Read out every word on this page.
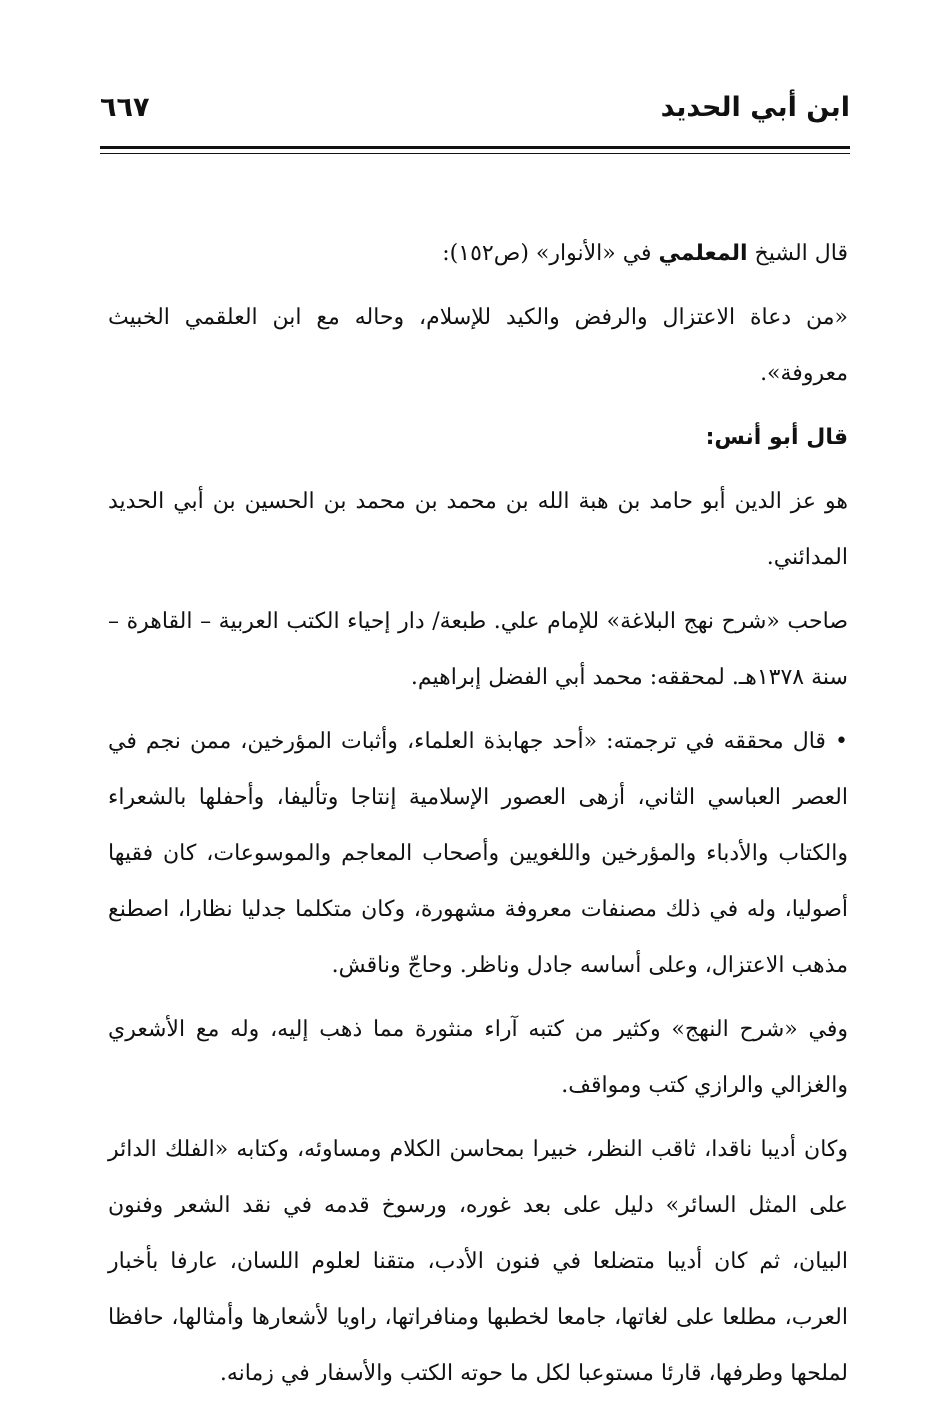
ابن أبي الحديد
٦٦٧

قال الشيخ المعلمي في «الأنوار» (ص١٥٢):

«من دعاة الاعتزال والرفض والكيد للإسلام، وحاله مع ابن العلقمي الخبيث معروفة».

قال أبو أنس:

هو عز الدين أبو حامد بن هبة الله بن محمد بن محمد بن الحسين بن أبي الحديد المدائني.

صاحب «شرح نهج البلاغة» للإمام علي. طبعة/ دار إحياء الكتب العربية – القاهرة – سنة ١٣٧٨هـ. لمحققه: محمد أبي الفضل إبراهيم.

• قال محققه في ترجمته: «أحد جهابذة العلماء، وأثبات المؤرخين، ممن نجم في العصر العباسي الثاني، أزهى العصور الإسلامية إنتاجا وتأليفا، وأحفلها بالشعراء والكتاب والأدباء والمؤرخين واللغويين وأصحاب المعاجم والموسوعات، كان فقيها أصوليا، وله في ذلك مصنفات معروفة مشهورة، وكان متكلما جدليا نظارا، اصطنع مذهب الاعتزال، وعلى أساسه جادل وناظر. وحاجّ وناقش.

وفي «شرح النهج» وكثير من كتبه آراء منثورة مما ذهب إليه، وله مع الأشعري والغزالي والرازي كتب ومواقف.

وكان أديبا ناقدا، ثاقب النظر، خبيرا بمحاسن الكلام ومساوئه، وكتابه «الفلك الدائر على المثل السائر» دليل على بعد غوره، ورسوخ قدمه في نقد الشعر وفنون البيان، ثم كان أديبا متضلعا في فنون الأدب، متقنا لعلوم اللسان، عارفا بأخبار العرب، مطلعا على لغاتها، جامعا لخطبها ومنافراتها، راويا لأشعارها وأمثالها، حافظا لملحها وطرفها، قارئا مستوعبا لكل ما حوته الكتب والأسفار في زمانه.
